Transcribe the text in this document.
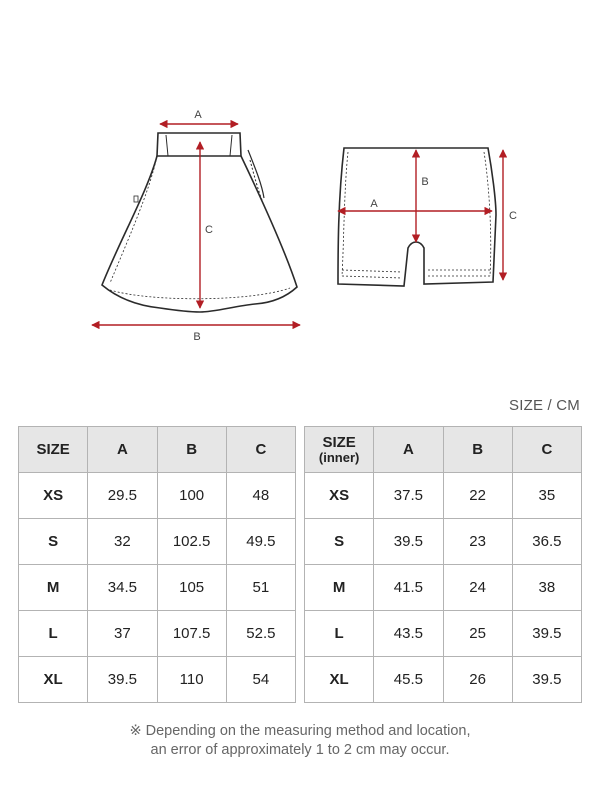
A
C
B
A
B
C
SIZE / CM
SIZE	A	B	C
XS	29.5	100	48
S	32	102.5	49.5
M	34.5	105	51
L	37	107.5	52.5
XL	39.5	110	54
SIZE
(inner)	A	B	C
XS	37.5	22	35
S	39.5	23	36.5
M	41.5	24	38
L	43.5	25	39.5
XL	45.5	26	39.5
※ Depending on the measuring method and location,
an error of approximately 1 to 2 cm may occur.
